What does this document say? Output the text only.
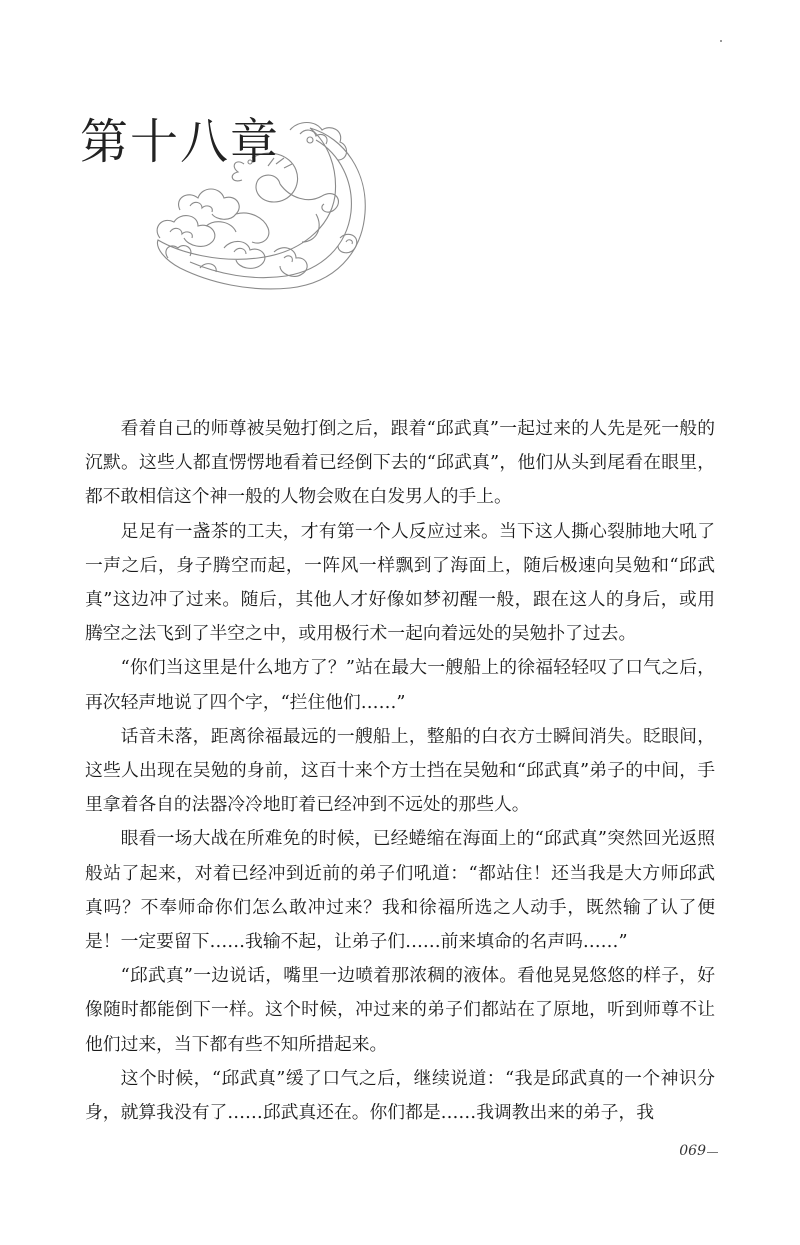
第十八章

看着自己的师尊被吴勉打倒之后，跟着“邱武真”一起过来的人先是死一般的沉默。这些人都直愣愣地看着已经倒下去的“邱武真”，他们从头到尾看在眼里，都不敢相信这个神一般的人物会败在白发男人的手上。

足足有一盏茶的工夫，才有第一个人反应过来。当下这人撕心裂肺地大吼了一声之后，身子腾空而起，一阵风一样飘到了海面上，随后极速向吴勉和“邱武真”这边冲了过来。随后，其他人才好像如梦初醒一般，跟在这人的身后，或用腾空之法飞到了半空之中，或用极行术一起向着远处的吴勉扑了过去。

“你们当这里是什么地方了？”站在最大一艘船上的徐福轻轻叹了口气之后，再次轻声地说了四个字，“拦住他们……”

话音未落，距离徐福最远的一艘船上，整船的白衣方士瞬间消失。眨眼间，这些人出现在吴勉的身前，这百十来个方士挡在吴勉和“邱武真”弟子的中间，手里拿着各自的法器冷冷地盯着已经冲到不远处的那些人。

眼看一场大战在所难免的时候，已经蜷缩在海面上的“邱武真”突然回光返照般站了起来，对着已经冲到近前的弟子们吼道：“都站住！还当我是大方师邱武真吗？不奉师命你们怎么敢冲过来？我和徐福所选之人动手，既然输了认了便是！一定要留下……我输不起，让弟子们……前来填命的名声吗……”

“邱武真”一边说话，嘴里一边喷着那浓稠的液体。看他晃晃悠悠的样子，好像随时都能倒下一样。这个时候，冲过来的弟子们都站在了原地，听到师尊不让他们过来，当下都有些不知所措起来。

这个时候，“邱武真”缓了口气之后，继续说道：“我是邱武真的一个神识分身，就算我没有了……邱武真还在。你们都是……我调教出来的弟子，我

069
